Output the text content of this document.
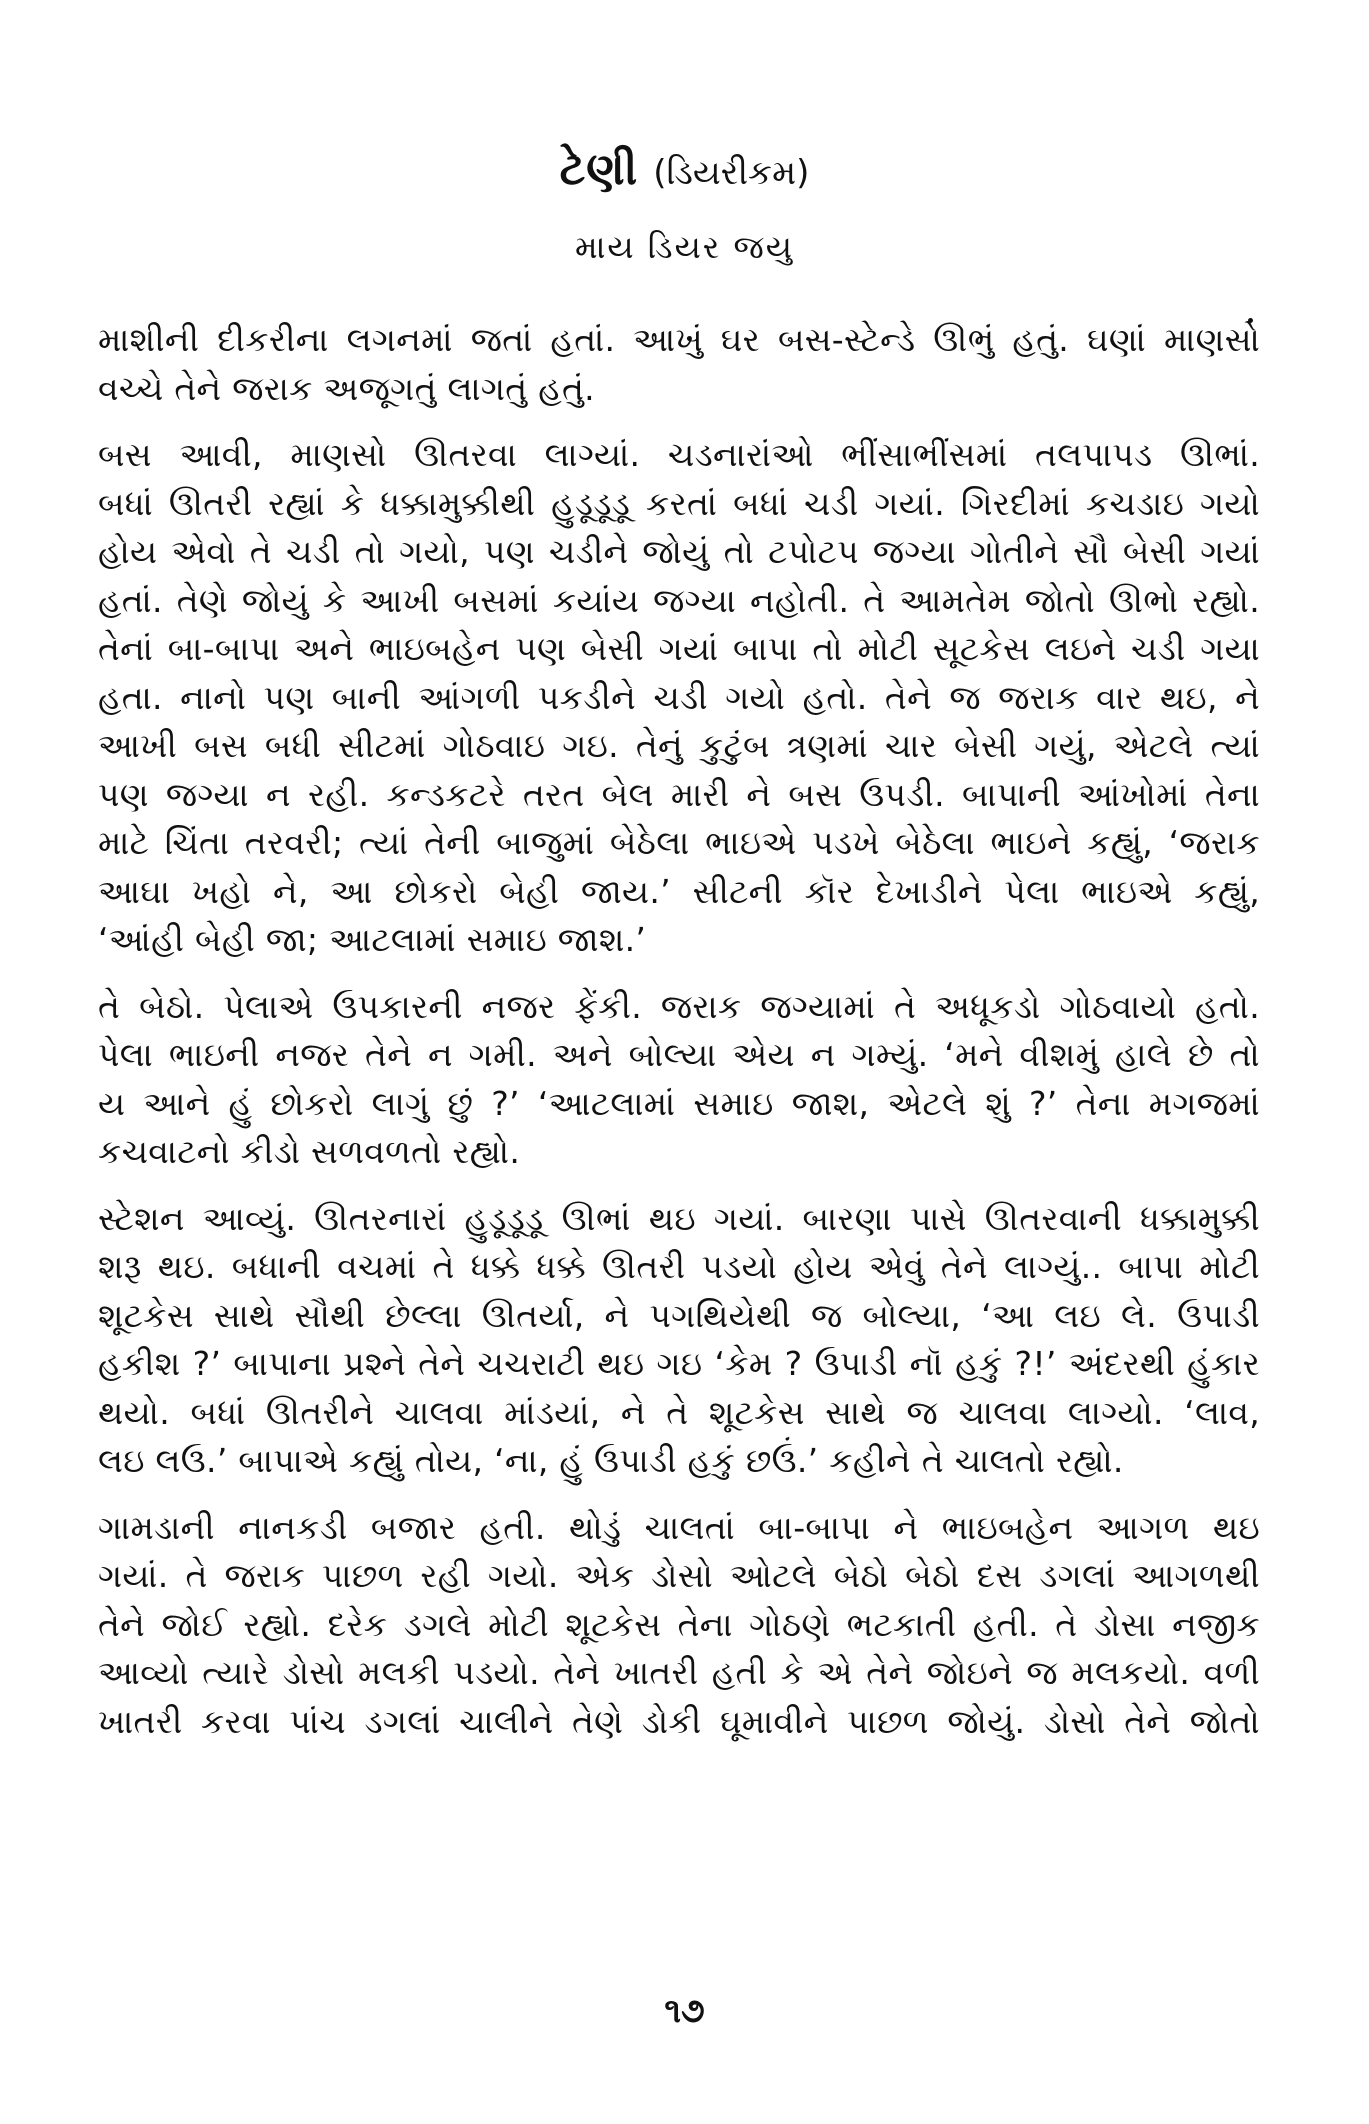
ટેણી (ડિયરીકમ)
માય ડિયર જયુ
માશીની દીકરીના લગનમાં જતાં હતાં. આખું ઘર બસ-સ્ટેન્ડે ઊભું હતું. ઘણાં માણસો
વચ્ચે તેને જરાક અજૂગતું લાગતું હતું.
બસ આવી, માણસો ઊતરવા લાગ્યાં. ચડનારાંઓ ભીંસાભીંસમાં તલપાપડ ઊભાં.
બધાં ઊતરી રહ્યાં કે ધક્કામુક્કીથી હુડૂડૂડૂ કરતાં બધાં ચડી ગયાં. ગિરદીમાં કચડાઇ ગયો
હોય એવો તે ચડી તો ગયો, પણ ચડીને જોયું તો ટપોટપ જગ્યા ગોતીને સૌ બેસી ગયાં
હતાં. તેણે જોયું કે આખી બસમાં કયાંય જગ્યા નહોતી. તે આમતેમ જોતો ઊભો રહ્યો.
તેનાં બા-બાપા અને ભાઇબહેન પણ બેસી ગયાં બાપા તો મોટી સૂટકેસ લઇને ચડી ગયા
હતા. નાનો પણ બાની આંગળી પકડીને ચડી ગયો હતો. તેને જ જરાક વાર થઇ, ને
આખી બસ બધી સીટમાં ગોઠવાઇ ગઇ. તેનું કુટુંબ ત્રણમાં ચાર બેસી ગયું, એટલે ત્યાં
પણ જગ્યા ન રહી. કન્ડકટરે તરત બેલ મારી ને બસ ઉપડી. બાપાની આંખોમાં તેના
માટે ચિંતા તરવરી; ત્યાં તેની બાજુમાં બેઠેલા ભાઇએ પડખે બેઠેલા ભાઇને કહ્યું, ‘જરાક
આઘા ખહો ને, આ છોકરો બેહી જાય.’ સીટની કૉર દેખાડીને પેલા ભાઇએ કહ્યું,
‘આંહી બેહી જા; આટલામાં સમાઇ જાશ.’
તે બેઠો. પેલાએ ઉપકારની નજર ફેંકી. જરાક જગ્યામાં તે અધૂકડો ગોઠવાયો હતો.
પેલા ભાઇની નજર તેને ન ગમી. અને બોલ્યા એય ન ગમ્યું. ‘મને વીશમું હાલે છે તો
ય આને હું છોકરો લાગું છું ?’ ‘આટલામાં સમાઇ જાશ, એટલે શું ?’ તેના મગજમાં
કચવાટનો કીડો સળવળતો રહ્યો.
સ્ટેશન આવ્યું. ઊતરનારાં હુડૂડૂડૂ ઊભાં થઇ ગયાં. બારણા પાસે ઊતરવાની ધક્કામુક્કી
શરૂ થઇ. બધાની વચમાં તે ધક્કે ધક્કે ઊતરી પડયો હોય એવું તેને લાગ્યું.. બાપા મોટી
શૂટકેસ સાથે સૌથી છેલ્લા ઊતર્યા, ને પગથિયેથી જ બોલ્યા, ‘આ લઇ લે. ઉપાડી
હકીશ ?’ બાપાના પ્રશ્ને તેને ચચરાટી થઇ ગઇ ‘કેમ ? ઉપાડી નૉ હકું ?!’ અંદરથી હુંકાર
થયો. બધાં ઊતરીને ચાલવા માંડયાં, ને તે શૂટકેસ સાથે જ ચાલવા લાગ્યો. ‘લાવ,
લઇ લઉ.’ બાપાએ કહ્યું તોય, ‘ના, હું ઉપાડી હકું છઉં.’ કહીને તે ચાલતો રહ્યો.
ગામડાની નાનકડી બજાર હતી. થોડું ચાલતાં બા-બાપા ને ભાઇબહેન આગળ થઇ
ગયાં. તે જરાક પાછળ રહી ગયો. એક ડોસો ઓટલે બેઠો બેઠો દસ ડગલાં આગળથી
તેને જોઈ રહ્યો. દરેક ડગલે મોટી શૂટકેસ તેના ગોઠણે ભટકાતી હતી. તે ડોસા નજીક
આવ્યો ત્યારે ડોસો મલકી પડયો. તેને ખાતરી હતી કે એ તેને જોઇને જ મલકયો. વળી
ખાતરી કરવા પાંચ ડગલાં ચાલીને તેણે ડોકી ઘૂમાવીને પાછળ જોયું. ડોસો તેને જોતો
૧૭
